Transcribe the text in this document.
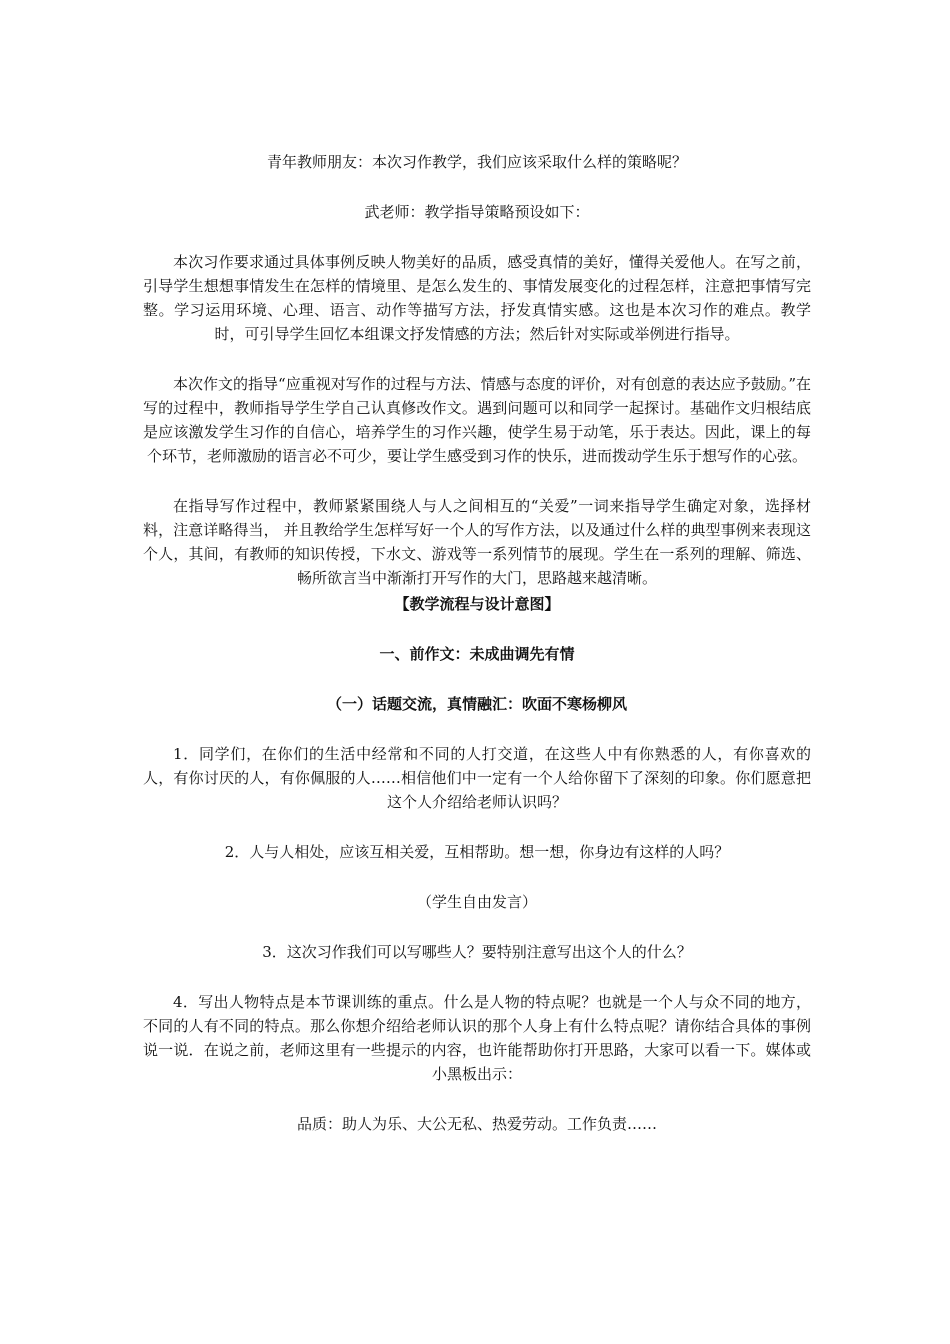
青年教师朋友：本次习作教学，我们应该采取什么样的策略呢？

武老师：教学指导策略预设如下：

本次习作要求通过具体事例反映人物美好的品质，感受真情的美好，懂得关爱他人。在写之前，引导学生想想事情发生在怎样的情境里、是怎么发生的、事情发展变化的过程怎样，注意把事情写完整。学习运用环境、心理、语言、动作等描写方法，抒发真情实感。这也是本次习作的难点。教学时，可引导学生回忆本组课文抒发情感的方法；然后针对实际或举例进行指导。

本次作文的指导“应重视对写作的过程与方法、情感与态度的评价，对有创意的表达应予鼓励。”在写的过程中，教师指导学生学自己认真修改作文。遇到问题可以和同学一起探讨。基础作文归根结底是应该激发学生习作的自信心，培养学生的习作兴趣，使学生易于动笔，乐于表达。因此，课上的每个环节，老师激励的语言必不可少，要让学生感受到习作的快乐，进而拨动学生乐于想写作的心弦。

在指导写作过程中，教师紧紧围绕人与人之间相互的“关爱”一词来指导学生确定对象，选择材料，注意详略得当， 并且教给学生怎样写好一个人的写作方法，以及通过什么样的典型事例来表现这个人，其间，有教师的知识传授，下水文、游戏等一系列情节的展现。学生在一系列的理解、筛选、畅所欲言当中渐渐打开写作的大门，思路越来越清晰。

【教学流程与设计意图】

一、前作文：未成曲调先有情

（一）话题交流，真情融汇：吹面不寒杨柳风

1．同学们，在你们的生活中经常和不同的人打交道，在这些人中有你熟悉的人，有你喜欢的人，有你讨厌的人，有你佩服的人……相信他们中一定有一个人给你留下了深刻的印象。你们愿意把这个人介绍给老师认识吗？

2．人与人相处，应该互相关爱，互相帮助。想一想，你身边有这样的人吗？

（学生自由发言）

3．这次习作我们可以写哪些人？要特别注意写出这个人的什么？

4．写出人物特点是本节课训练的重点。什么是人物的特点呢？也就是一个人与众不同的地方，不同的人有不同的特点。那么你想介绍给老师认识的那个人身上有什么特点呢？请你结合具体的事例说一说．在说之前，老师这里有一些提示的内容，也许能帮助你打开思路，大家可以看一下。媒体或小黑板出示：

品质：助人为乐、大公无私、热爱劳动。工作负责……
